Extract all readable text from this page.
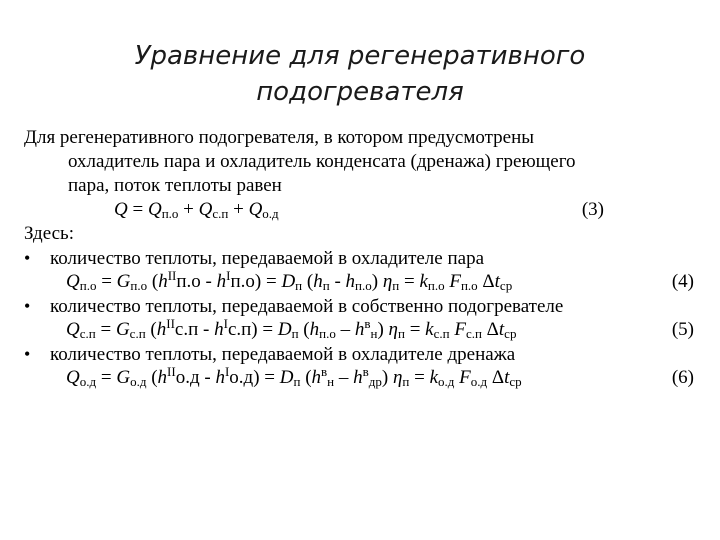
Уравнение для регенеративного
подогревателя
Для регенеративного подогревателя, в котором предусмотрены
охладитель пара и охладитель конденсата (дренажа) греющего
пара, поток теплоты равен
$Q = Q_{п.о} + Q_{с.п} + Q_{о.д}$	(3)
Здесь:
• количество теплоты, передаваемой в охладителе пара
$Q_{п.о} = G_{п.о}$ $(h^{II}п.о - h^Iп.о) = D_п$ $(h_п - h_{п.о}) \eta_п = k_{п.о}$ $F_{п.о}$ $\Delta t_{ср}$	(4)
• количество теплоты, передаваемой в собственно подогревателе
$Q_{с.п} = G_{с.п}$ $(h^{II}с.п - h^Iс.п) = D_п$ $(h_{п.о} - h^в_н) \eta_п = k_{с.п}$ $F_{с.п}$ $\Delta t_{ср}$	(5)
• количество теплоты, передаваемой в охладителе дренажа
$Q_{о.д} = G_{о.д}$ $(h^{II}о.д - h^Iо.д) = D_п$ $(h^в_н - h^в_{др}) \eta_п = k_{о.д}$ $F_{о.д}$ $\Delta t_{ср}$	(6)
